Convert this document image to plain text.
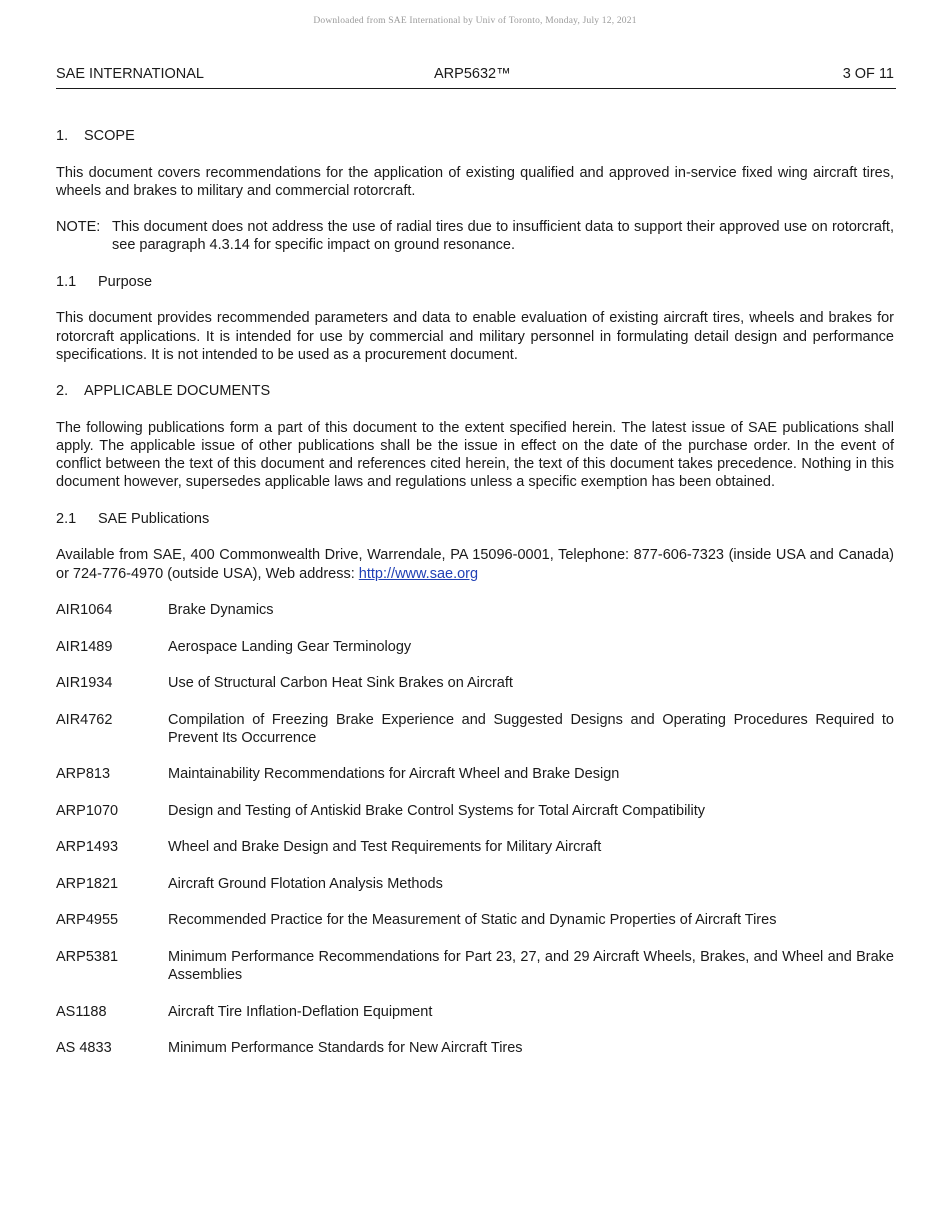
Downloaded from SAE International by Univ of Toronto, Monday, July 12, 2021
SAE INTERNATIONAL	ARP5632™	3 OF 11
1. SCOPE

This document covers recommendations for the application of existing qualified and approved in-service fixed wing aircraft tires, wheels and brakes to military and commercial rotorcraft.

NOTE: This document does not address the use of radial tires due to insufficient data to support their approved use on rotorcraft, see paragraph 4.3.14 for specific impact on ground resonance.
1.1 Purpose

This document provides recommended parameters and data to enable evaluation of existing aircraft tires, wheels and brakes for rotorcraft applications. It is intended for use by commercial and military personnel in formulating detail design and performance specifications. It is not intended to be used as a procurement document.

2. APPLICABLE DOCUMENTS

The following publications form a part of this document to the extent specified herein. The latest issue of SAE publications shall apply. The applicable issue of other publications shall be the issue in effect on the date of the purchase order. In the event of conflict between the text of this document and references cited herein, the text of this document takes precedence. Nothing in this document however, supersedes applicable laws and regulations unless a specific exemption has been obtained.

2.1 SAE Publications

Available from SAE, 400 Commonwealth Drive, Warrendale, PA 15096-0001, Telephone: 877-606-7323 (inside USA and Canada) or 724-776-4970 (outside USA), Web address: http://www.sae.org

AIR1064	Brake Dynamics
AIR1489	Aerospace Landing Gear Terminology
AIR1934	Use of Structural Carbon Heat Sink Brakes on Aircraft
AIR4762	Compilation of Freezing Brake Experience and Suggested Designs and Operating Procedures Required to Prevent Its Occurrence
ARP813	Maintainability Recommendations for Aircraft Wheel and Brake Design
ARP1070	Design and Testing of Antiskid Brake Control Systems for Total Aircraft Compatibility
ARP1493	Wheel and Brake Design and Test Requirements for Military Aircraft
ARP1821	Aircraft Ground Flotation Analysis Methods
ARP4955	Recommended Practice for the Measurement of Static and Dynamic Properties of Aircraft Tires
ARP5381	Minimum Performance Recommendations for Part 23, 27, and 29 Aircraft Wheels, Brakes, and Wheel and Brake Assemblies
AS1188	Aircraft Tire Inflation-Deflation Equipment
AS 4833	Minimum Performance Standards for New Aircraft Tires
